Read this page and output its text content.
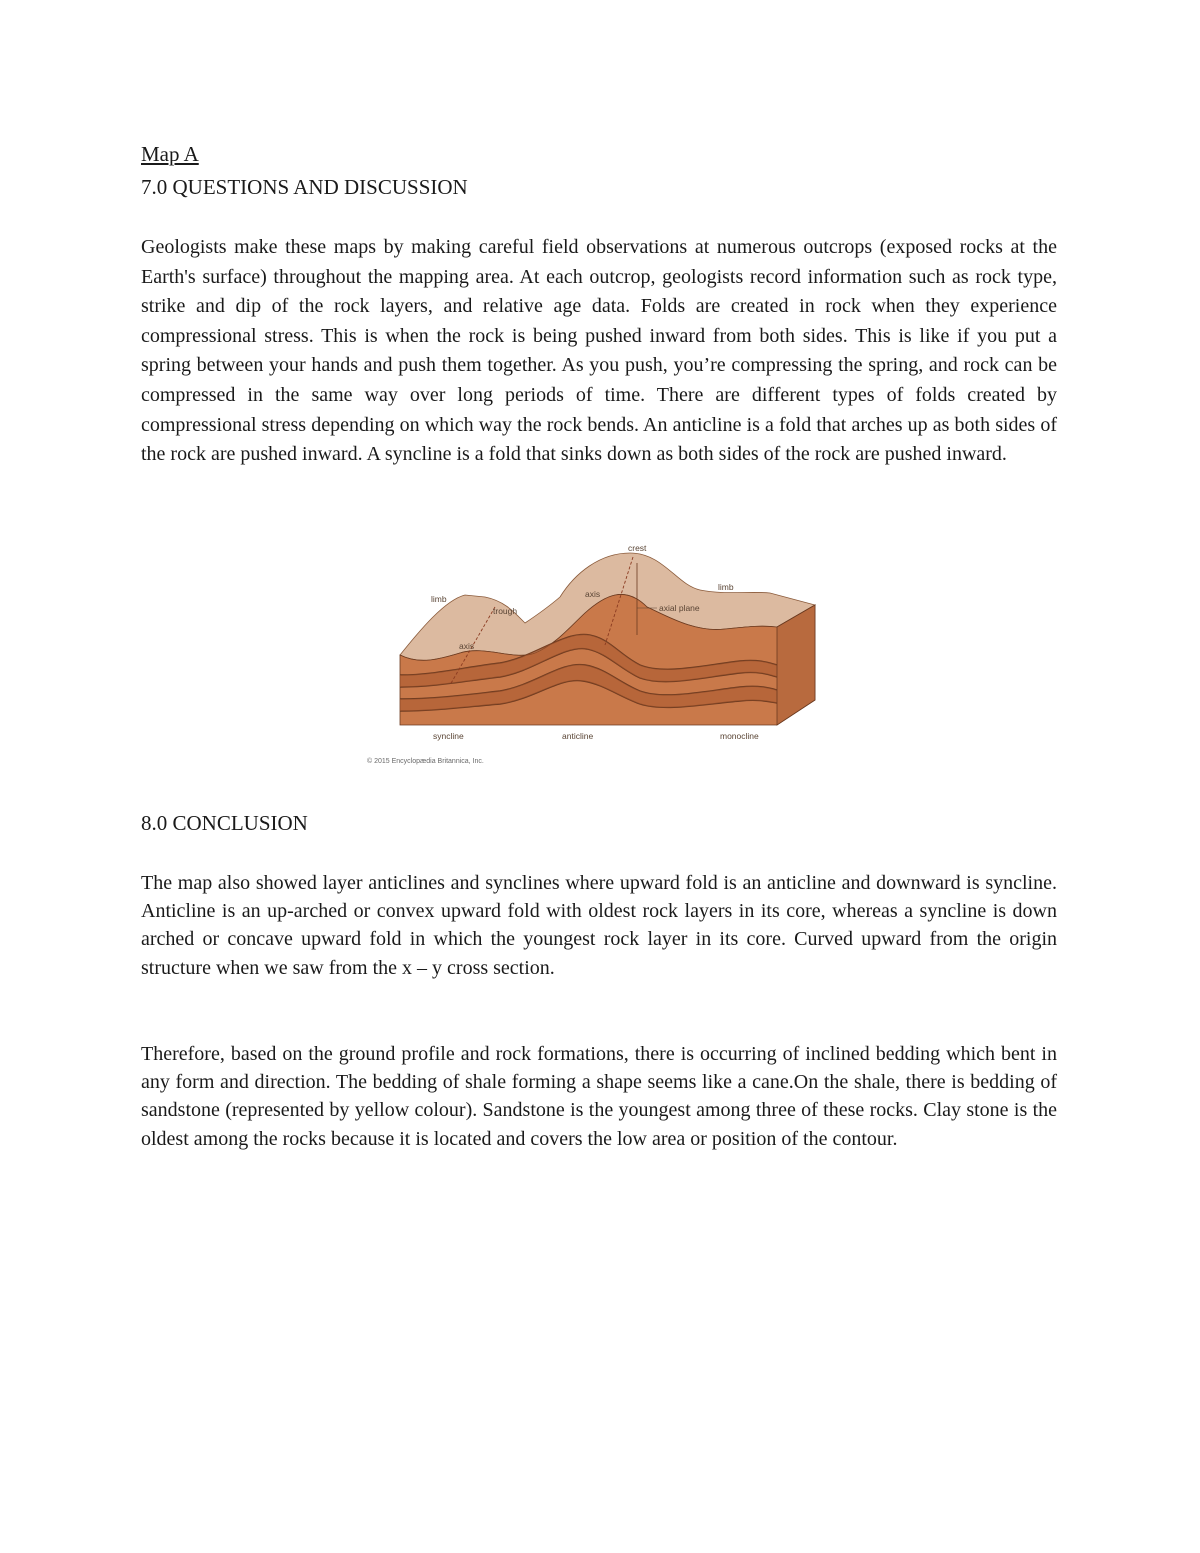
Map A
7.0 QUESTIONS AND DISCUSSION

Geologists make these maps by making careful field observations at numerous outcrops (exposed rocks at the Earth's surface) throughout the mapping area. At each outcrop, geologists record information such as rock type, strike and dip of the rock layers, and relative age data. Folds are created in rock when they experience compressional stress. This is when the rock is being pushed inward from both sides. This is like if you put a spring between your hands and push them together. As you push, you’re compressing the spring, and rock can be compressed in the same way over long periods of time. There are different types of folds created by compressional stress depending on which way the rock bends. An anticline is a fold that arches up as both sides of the rock are pushed inward. A syncline is a fold that sinks down as both sides of the rock are pushed inward.

crest
limb
trough
axis
axis
axial plane
limb
syncline	anticline	monocline
© 2015 Encyclopædia Britannica, Inc.
8.0 CONCLUSION

The map also showed layer anticlines and synclines where upward fold is an anticline and downward is syncline. Anticline is an up-arched or convex upward fold with oldest rock layers in its core, whereas a syncline is down arched or concave upward fold in which the youngest rock layer in its core. Curved upward from the origin structure when we saw from the x – y cross section.

Therefore, based on the ground profile and rock formations, there is occurring of inclined bedding which bent in any form and direction. The bedding of shale forming a shape seems like a cane.On the shale, there is bedding of sandstone (represented by yellow colour). Sandstone is the youngest among three of these rocks. Clay stone is the oldest among the rocks because it is located and covers the low area or position of the contour.
